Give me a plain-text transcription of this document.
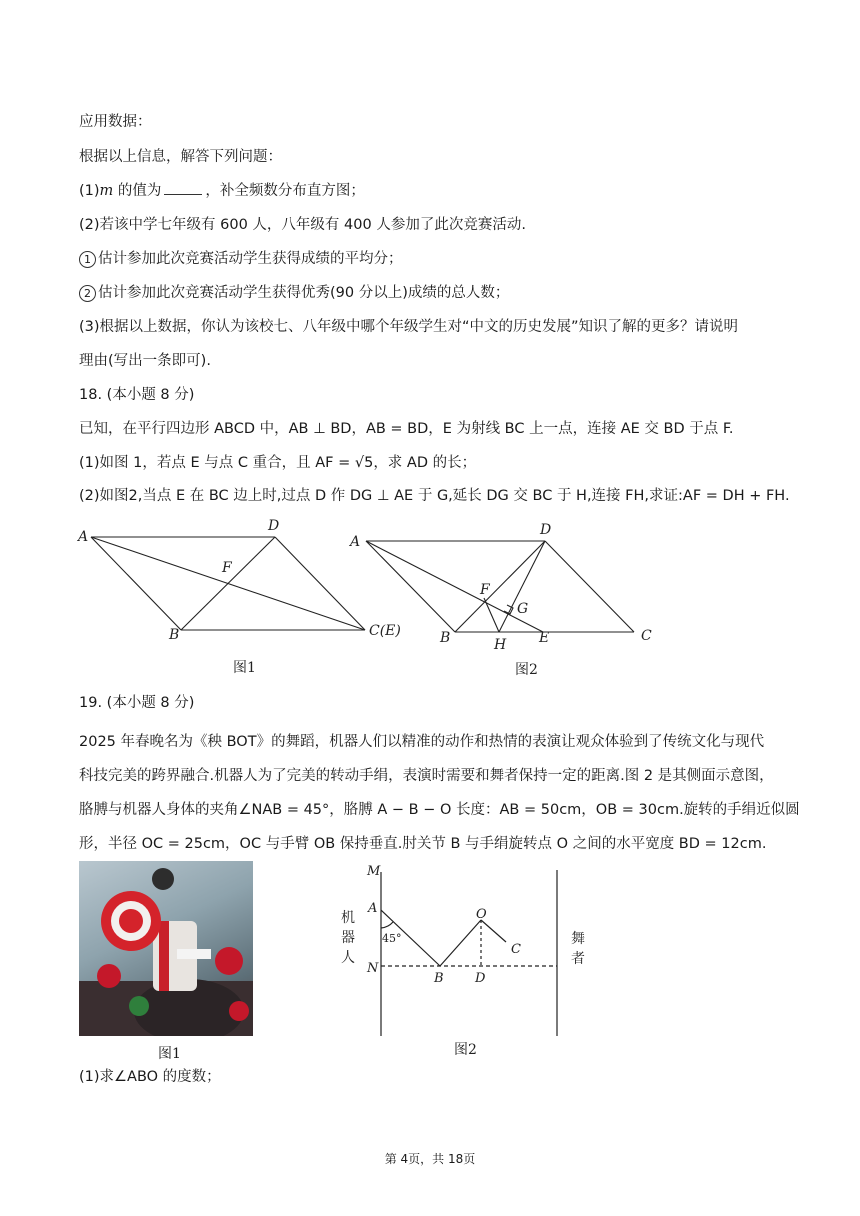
应用数据：
根据以上信息，解答下列问题：
(1)m 的值为	，补全频数分布直方图；
(2)若该中学七年级有 600 人，八年级有 400 人参加了此次竞赛活动.
1 估计参加此次竞赛活动学生获得成绩的平均分；
2 估计参加此次竞赛活动学生获得优秀(90 分以上)成绩的总人数；
(3)根据以上数据，你认为该校七、八年级中哪个年级学生对“中文的历史发展”知识了解的更多？请说明
理由(写出一条即可).
18. (本小题 8 分)
已知，在平行四边形 ABCD 中，AB ⊥ BD，AB = BD，E 为射线 BC 上一点，连接 AE 交 BD 于点 F.
(1)如图 1，若点 E 与点 C 重合，且 AF = √5，求 AD 的长；
(2)如图2,当点 E 在 BC 边上时,过点 D 作 DG ⊥ AE 于 G,延长 DG 交 BC 于 H,连接 FH,求证:AF = DH + FH.
A
D
F
B	C(E)
图1
A
D
F
G
B	H E	C
图2
19. (本小题 8 分)
2025 年春晚名为《秧 BOT》的舞蹈，机器人们以精准的动作和热情的表演让观众体验到了传统文化与现代
科技完美的跨界融合.机器人为了完美的转动手绢，表演时需要和舞者保持一定的距离.图 2 是其侧面示意图，
胳膊与机器人身体的夹角∠NAB = 45°，胳膊 A − B − O 长度：AB = 50cm，OB = 30cm.旋转的手绢近似圆
形，半径 OC = 25cm，OC 与手臂 OB 保持垂直.肘关节 B 与手绢旋转点 O 之间的水平宽度 BD = 12cm.
图1
M
A
N
B
O
D
C
45°
机
器
人
舞
者
图2
(1)求∠ABO 的度数；
第 4页，共 18页
